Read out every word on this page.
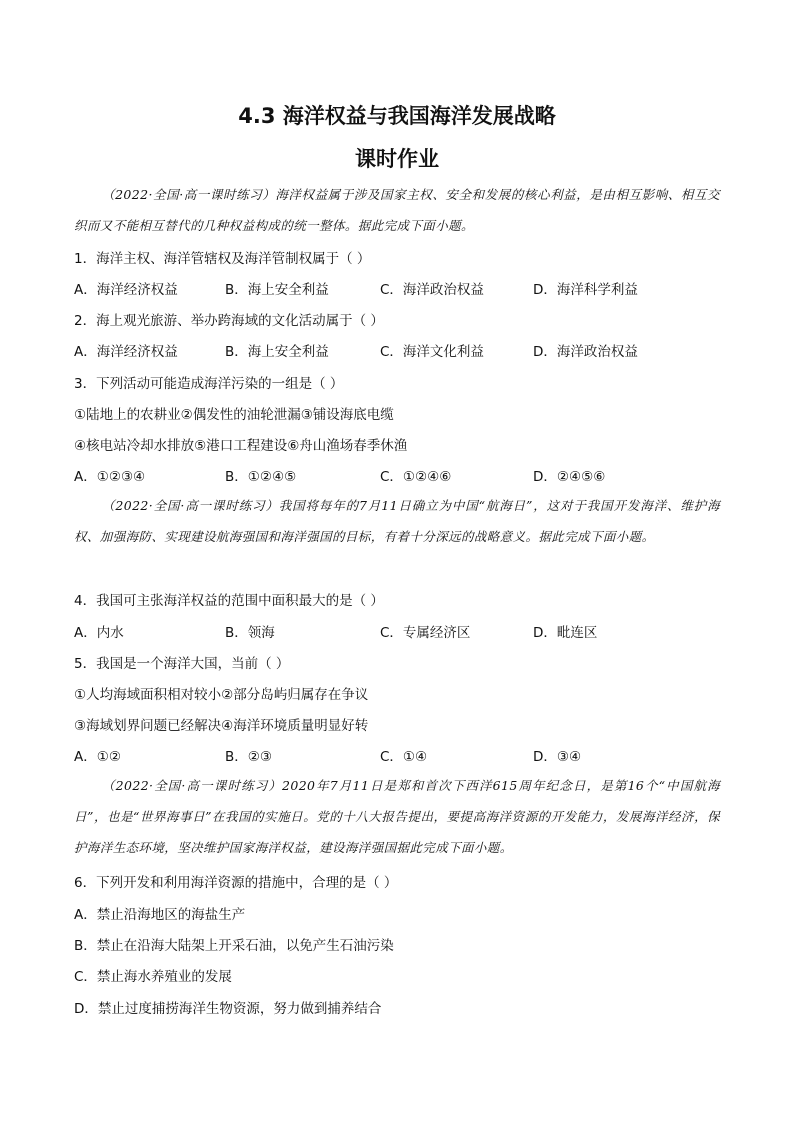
4.3 海洋权益与我国海洋发展战略
课时作业
（2022·全国·高一课时练习）海洋权益属于涉及国家主权、安全和发展的核心利益，是由相互影响、相互交织而又不能相互替代的几种权益构成的统一整体。据此完成下面小题。
1．海洋主权、海洋管辖权及海洋管制权属于（ ）
A．海洋经济权益	B．海上安全利益	C．海洋政治权益	D．海洋科学利益
2．海上观光旅游、举办跨海域的文化活动属于（ ）
A．海洋经济权益	B．海上安全利益	C．海洋文化利益	D．海洋政治权益
3．下列活动可能造成海洋污染的一组是（ ）
①陆地上的农耕业②偶发性的油轮泄漏③铺设海底电缆
④核电站冷却水排放⑤港口工程建设⑥舟山渔场春季休渔
A．①②③④	B．①②④⑤	C．①②④⑥	D．②④⑤⑥
（2022·全国·高一课时练习）我国将每年的7月11日确立为中国“航海日”，这对于我国开发海洋、维护海权、加强海防、实现建设航海强国和海洋强国的目标，有着十分深远的战略意义。据此完成下面小题。
4．我国可主张海洋权益的范围中面积最大的是（ ）
A．内水	B．领海	C．专属经济区	D．毗连区
5．我国是一个海洋大国，当前（ ）
①人均海域面积相对较小②部分岛屿归属存在争议
③海域划界问题已经解决④海洋环境质量明显好转
A．①②	B．②③	C．①④	D．③④
（2022·全国·高一课时练习）2020年7月11日是郑和首次下西洋615周年纪念日，是第16个“中国航海日”，也是“世界海事日”在我国的实施日。党的十八大报告提出，要提高海洋资源的开发能力，发展海洋经济，保护海洋生态环境，坚决维护国家海洋权益，建设海洋强国据此完成下面小题。
6．下列开发和利用海洋资源的措施中，合理的是（ ）
A．禁止沿海地区的海盐生产
B．禁止在沿海大陆架上开采石油，以免产生石油污染
C．禁止海水养殖业的发展
D．禁止过度捕捞海洋生物资源，努力做到捕养结合
